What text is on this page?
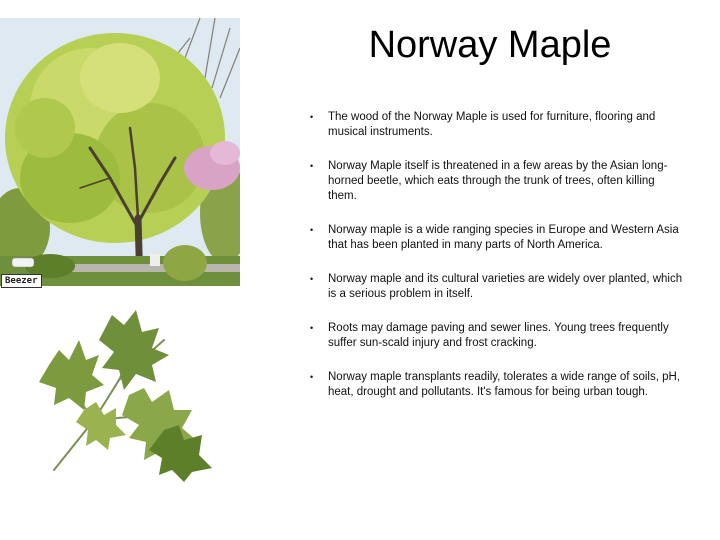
Norway Maple
Beezer
• The wood of the Norway Maple is used for furniture, flooring and musical instruments.
• Norway Maple itself is threatened in a few areas by the Asian long-horned beetle, which eats through the trunk of trees, often killing them.
• Norway maple is a wide ranging species in Europe and Western Asia that has been planted in many parts of North America.
• Norway maple and its cultural varieties are widely over planted, which is a serious problem in itself.
• Roots may damage paving and sewer lines. Young trees frequently suffer sun-scald injury and frost cracking.
• Norway maple transplants readily, tolerates a wide range of soils, pH, heat, drought and pollutants. It's famous for being urban tough.
